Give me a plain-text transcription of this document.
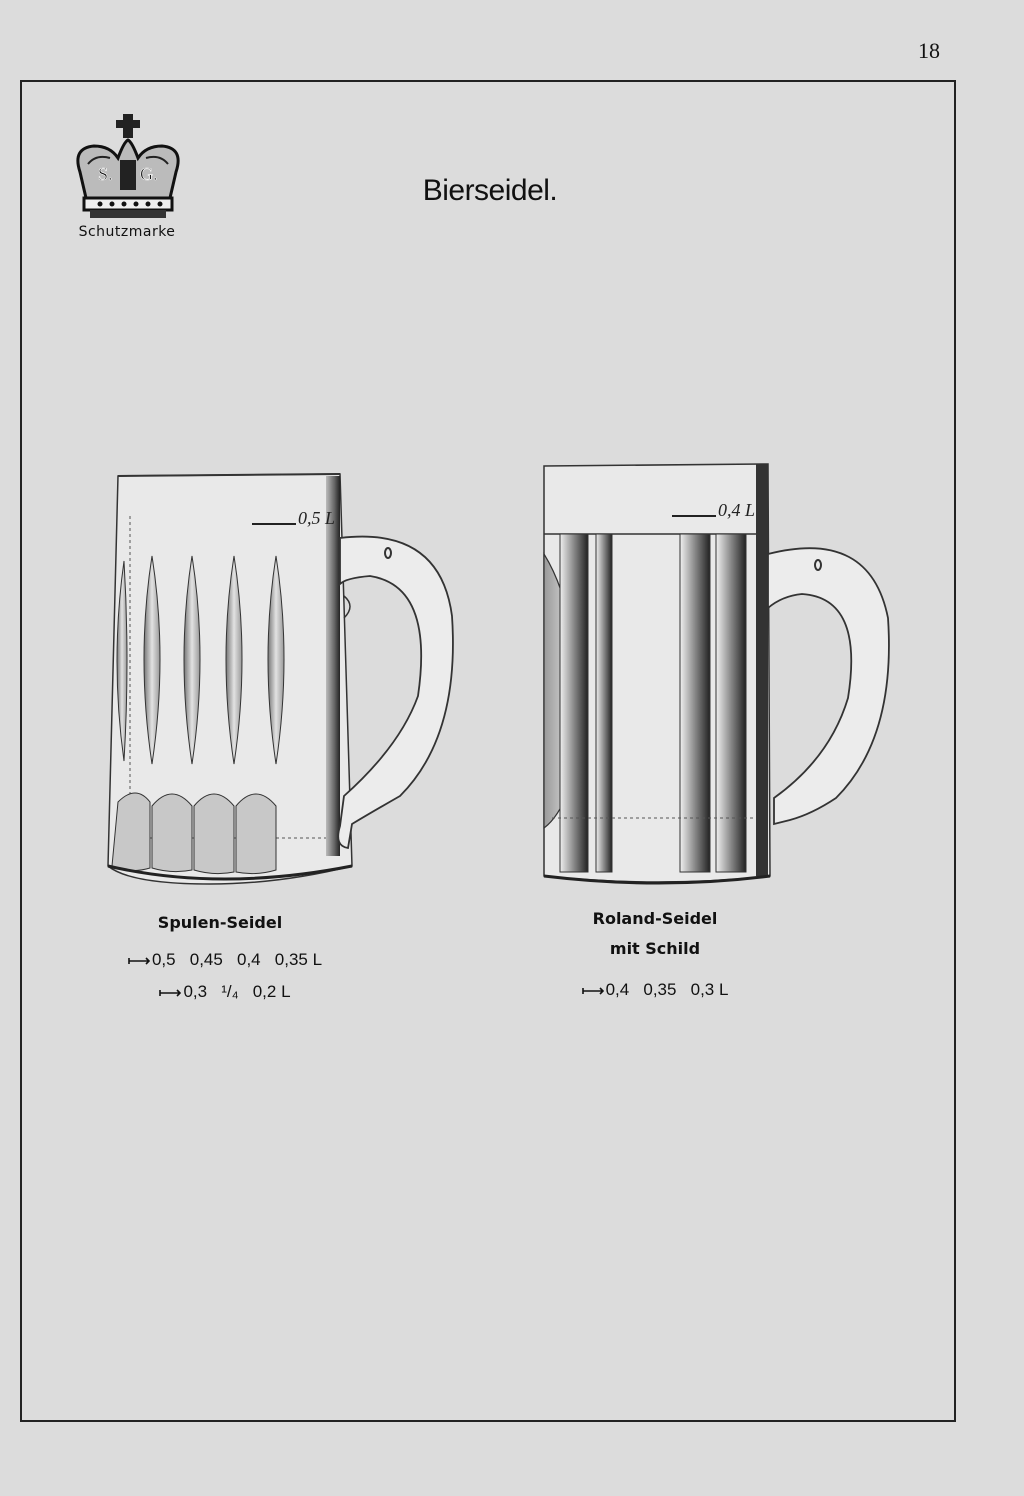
18
S. G.
Schutzmarke
Bierseidel.
0,5 L	0,4 L
Spulen-Seidel
0,5   0,45   0,4   0,35 L
0,3   ¹/₄   0,2 L
Roland-Seidel
mit Schild
0,4   0,35   0,3 L
